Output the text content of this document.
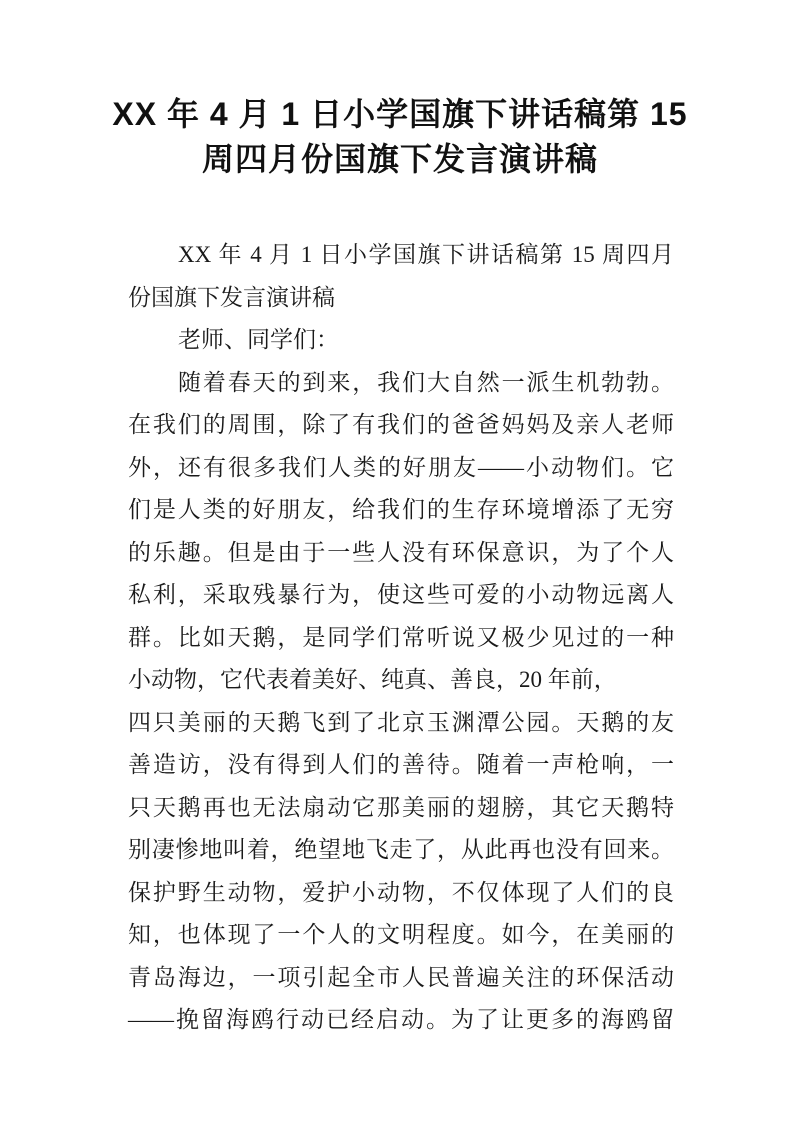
XX 年 4 月 1 日小学国旗下讲话稿第 15
周四月份国旗下发言演讲稿
XX 年 4 月 1 日小学国旗下讲话稿第 15 周四月
份国旗下发言演讲稿
老师、同学们：
随着春天的到来，我们大自然一派生机勃勃。
在我们的周围，除了有我们的爸爸妈妈及亲人老师
外，还有很多我们人类的好朋友——小动物们。它
们是人类的好朋友，给我们的生存环境增添了无穷
的乐趣。但是由于一些人没有环保意识，为了个人
私利，采取残暴行为，使这些可爱的小动物远离人
群。比如天鹅，是同学们常听说又极少见过的一种
小动物，它代表着美好、纯真、善良，20 年前，
四只美丽的天鹅飞到了北京玉渊潭公园。天鹅的友
善造访，没有得到人们的善待。随着一声枪响，一
只天鹅再也无法扇动它那美丽的翅膀，其它天鹅特
别凄惨地叫着，绝望地飞走了，从此再也没有回来。
保护野生动物，爱护小动物，不仅体现了人们的良
知，也体现了一个人的文明程度。如今，在美丽的
青岛海边，一项引起全市人民普遍关注的环保活动
——挽留海鸥行动已经启动。为了让更多的海鸥留
